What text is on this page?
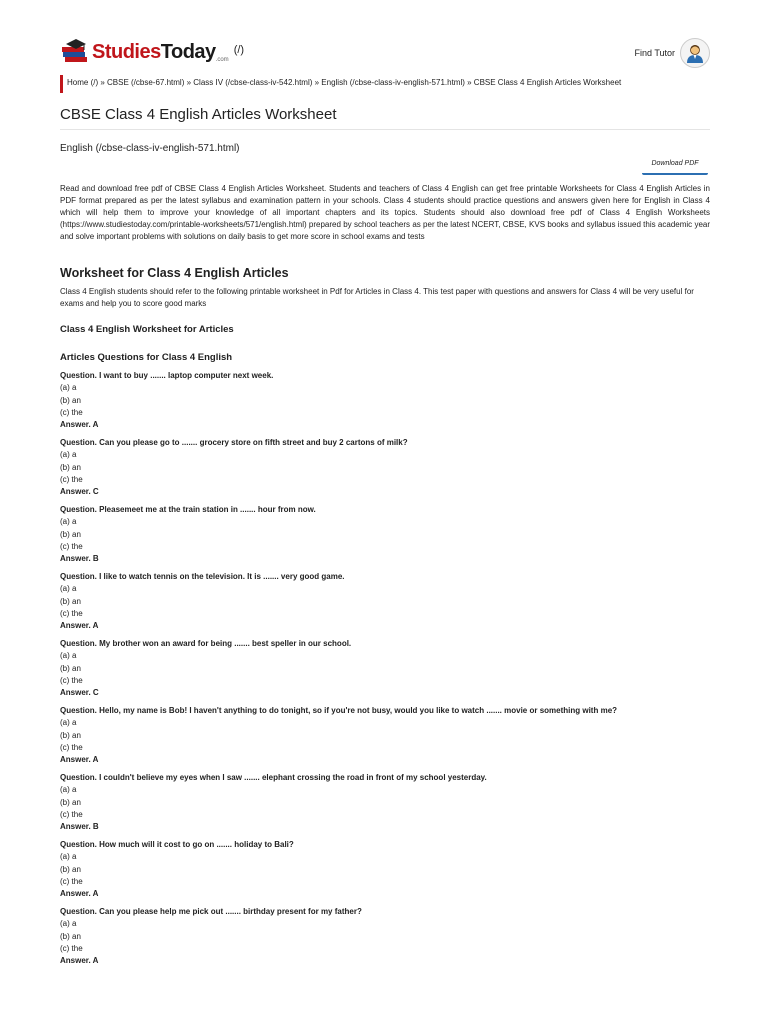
StudiesToday .com
(/)	Find Tutor
Home (/) » CBSE (/cbse-67.html) » Class IV (/cbse-class-iv-542.html) » English (/cbse-class-iv-english-571.html) » CBSE Class 4 English Articles Worksheet
CBSE Class 4 English Articles Worksheet
English (/cbse-class-iv-english-571.html)
Download PDF

Read and download free pdf of CBSE Class 4 English Articles Worksheet. Students and teachers of Class 4 English can get free printable Worksheets for Class 4 English Articles in PDF format prepared as per the latest syllabus and examination pattern in your schools. Class 4 students should practice questions and answers given here for English in Class 4 which will help them to improve your knowledge of all important chapters and its topics. Students should also download free pdf of Class 4 English Worksheets (https://www.studiestoday.com/printable-worksheets/571/english.html) prepared by school teachers as per the latest NCERT, CBSE, KVS books and syllabus issued this academic year and solve important problems with solutions on daily basis to get more score in school exams and tests

Worksheet for Class 4 English Articles

Class 4 English students should refer to the following printable worksheet in Pdf for Articles in Class 4. This test paper with questions and answers for Class 4 will be very useful for exams and help you to score good marks

Class 4 English Worksheet for Articles
Articles Questions for Class 4 English
Question. I want to buy ....... laptop computer next week.
(a) a
(b) an
(c) the
Answer. A
Question. Can you please go to ....... grocery store on fifth street and buy 2 cartons of milk?
(a) a
(b) an
(c) the
Answer. C
Question. Pleasemeet me at the train station in ....... hour from now.
(a) a
(b) an
(c) the
Answer. B
Question. I like to watch tennis on the television. It is ....... very good game.
(a) a
(b) an
(c) the
Answer. A
Question. My brother won an award for being ....... best speller in our school.
(a) a
(b) an
(c) the
Answer. C
Question. Hello, my name is Bob! I haven't anything to do tonight, so if you're not busy, would you like to watch ....... movie or something with me?
(a) a
(b) an
(c) the
Answer. A
Question. I couldn't believe my eyes when I saw ....... elephant crossing the road in front of my school yesterday.
(a) a
(b) an
(c) the
Answer. B
Question. How much will it cost to go on ....... holiday to Bali?
(a) a
(b) an
(c) the
Answer. A
Question. Can you please help me pick out ....... birthday present for my father?
(a) a
(b) an
(c) the
Answer. A
